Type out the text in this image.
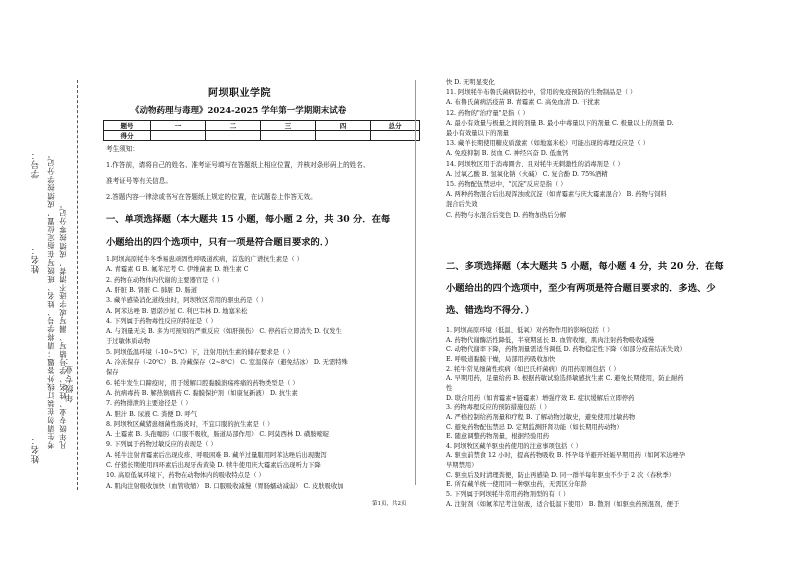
学号：
姓名： 考生请勿在装订线外答题；请将学号、姓名、班级写在指定位置，成绩按学分记。 凡年级专业、姓名、学号错写、漏写或字迹不清者，成绩按零分记。
年级专业：
姓名：
阿坝职业学院
《动物药理与毒理》2024-2025 学年第一学期期末试卷
题号	一	二	三	四	总分
得分					
考生须知：
1.作答前，请将自己的姓名、准考证号填写在答题纸上相应位置，并核对条形码上的姓名、
准考证号等有关信息。
2.答题内容一律涂或书写在答题纸上规定的位置，在试题卷上作答无效。
一、单项选择题（本大题共 15 小题，每小题 2 分，共 30 分．在每
小题给出的四个选项中，只有一项是符合题目要求的．）
1.阿坝高原牦牛冬季易患顽固性呼吸道疾病，首选的广谱抗生素是（ ）
A. 青霉素 G B. 氟苯尼考 C. 伊维菌素 D. 维生素 C
2. 药物在动物体内代谢的主要器官是（ ）
A. 肝脏 B. 肾脏 C. 肺脏 D. 肠道
3. 藏羊感染消化道线虫时，阿坝牧区常用的驱虫药是（ ）
A. 阿苯达唑 B. 恩诺沙星 C. 利巴韦林 D. 地塞米松
4. 下列属于药物毒性反应的特征是（ ）
A. 与剂量无关 B. 多为可预知的严重反应（如肝损伤） C. 停药后立即消失 D. 仅发生
于过敏体质动物
5. 阿坝低温环境（-10~5℃）下，注射用抗生素的储存要求是（ ）
A. 冷冻保存（-20℃） B. 冷藏保存（2~8℃） C. 室温保存（避免结冰） D. 无需特殊
保存
6. 牦牛发生口蹄疫时，用于缓解口腔黏膜溃疡疼痛的药物类型是（ ）
A. 抗病毒药 B. 解热镇痛药 C. 黏膜保护剂（如康复新液） D. 抗生素
7. 药物排泄的主要途径是（ ）
A. 胆汁 B. 尿液 C. 粪便 D. 呼气
8. 阿坝牧区藏猪患细菌性肠炎时，不宜口服的抗生素是（ ）
A. 土霉素 B. 头孢噻肟（口服不吸收，肠道局部作用） C. 阿莫西林 D. 磺胺嘧啶
9. 下列属于药物过敏反应的表现是（ ）
A. 牦牛注射青霉素后出现皮疹、呼吸困难 B. 藏羊过量服用阿苯达唑后出现腹泻
C. 仔猪长期使用四环素后出现牙齿黄染 D. 犊牛使用庆大霉素后出现听力下降
10. 高原低氧环境下，药物在动物体内的吸收特点是（ ）
A. 肌肉注射吸收加快（血管收缩） B. 口服吸收减慢（胃肠蠕动减弱） C. 皮肤吸收加
快 D. 无明显变化
11. 阿坝牦牛布鲁氏菌病防控中，常用的免疫预防的生物制品是（ ）
A. 布鲁氏菌病活疫苗 B. 青霉素 C. 高免血清 D. 干扰素
12. 药物的"治疗量"是指（ ）
A. 最小有效量与极量之间的剂量 B. 最小中毒量以下的剂量 C. 极量以上的剂量 D.
最小有效量以下的剂量
13. 藏羊长期使用糖皮质激素（如地塞米松）可能出现的毒理反应是（ ）
A. 免疫抑制 B. 贫血 C. 神经兴奋 D. 低血钙
14. 阿坝牧区用于消毒圈舍、且对牦牛无刺激性的消毒剂是（ ）
A. 过氧乙酸 B. 氢氧化钠（火碱） C. 复合酚 D. 75%酒精
15. 药物配伍禁忌中，"沉淀"反应是指（ ）
A. 两种药物混合后出现浑浊或沉淀（如青霉素与庆大霉素混合） B. 药物与饲料
混合后失效
C. 药物与水混合后变色 D. 药物加热后分解
二、多项选择题（本大题共 5 小题，每小题 4 分，共 20 分．在每
小题给出的四个选项中，至少有两项是符合题目要求的．多选、少
选、错选均不得分．）
1. 阿坝高原环境（低温、低氧）对药物作用的影响包括（ ）
A. 药物代谢酶活性降低，半衰期延长 B. 血管收缩，肌肉注射药物吸收减慢
C. 动物代谢率下降，药物剂量需适当调低 D. 药物稳定性下降（如部分疫苗结冻失效）
E. 呼吸道黏膜干燥，局部用药吸收加快
2. 牦牛常见细菌性疾病（如巴氏杆菌病）的用药原则包括（ ）
A. 早期用药，足量给药 B. 根据药敏试验选择敏感抗生素 C. 避免长期使用，防止耐药
性
D. 联合用药（如青霉素+链霉素）增强疗效 E. 症状缓解后立即停药
3. 药物毒理反应的预防措施包括（ ）
A. 严格控制给药剂量和疗程 B. 了解动物过敏史，避免使用过敏药物
C. 避免药物配伍禁忌 D. 定期监测肝肾功能（如长期用药动物）
E. 随意调整药物剂量，根据经验用药
4. 阿坝牧区藏羊驱虫药使用的注意事项包括（ ）
A. 驱虫前禁食 12 小时，提高药物吸收 B. 怀孕母羊避开妊娠早期用药（如阿苯达唑孕
早期禁用）
C. 驱虫后及时清理粪便，防止再感染 D. 同一群羊每年驱虫不少于 2 次（春秋季）
E. 所有藏羊统一使用同一种驱虫药，无需区分年龄
5. 下列属于阿坝牦牛常用药物剂型的有（ ）
A. 注射剂（如氟苯尼考注射液，适合低温下使用） B. 散剂（如驱虫药预混剂，便于
第1页，共2页
